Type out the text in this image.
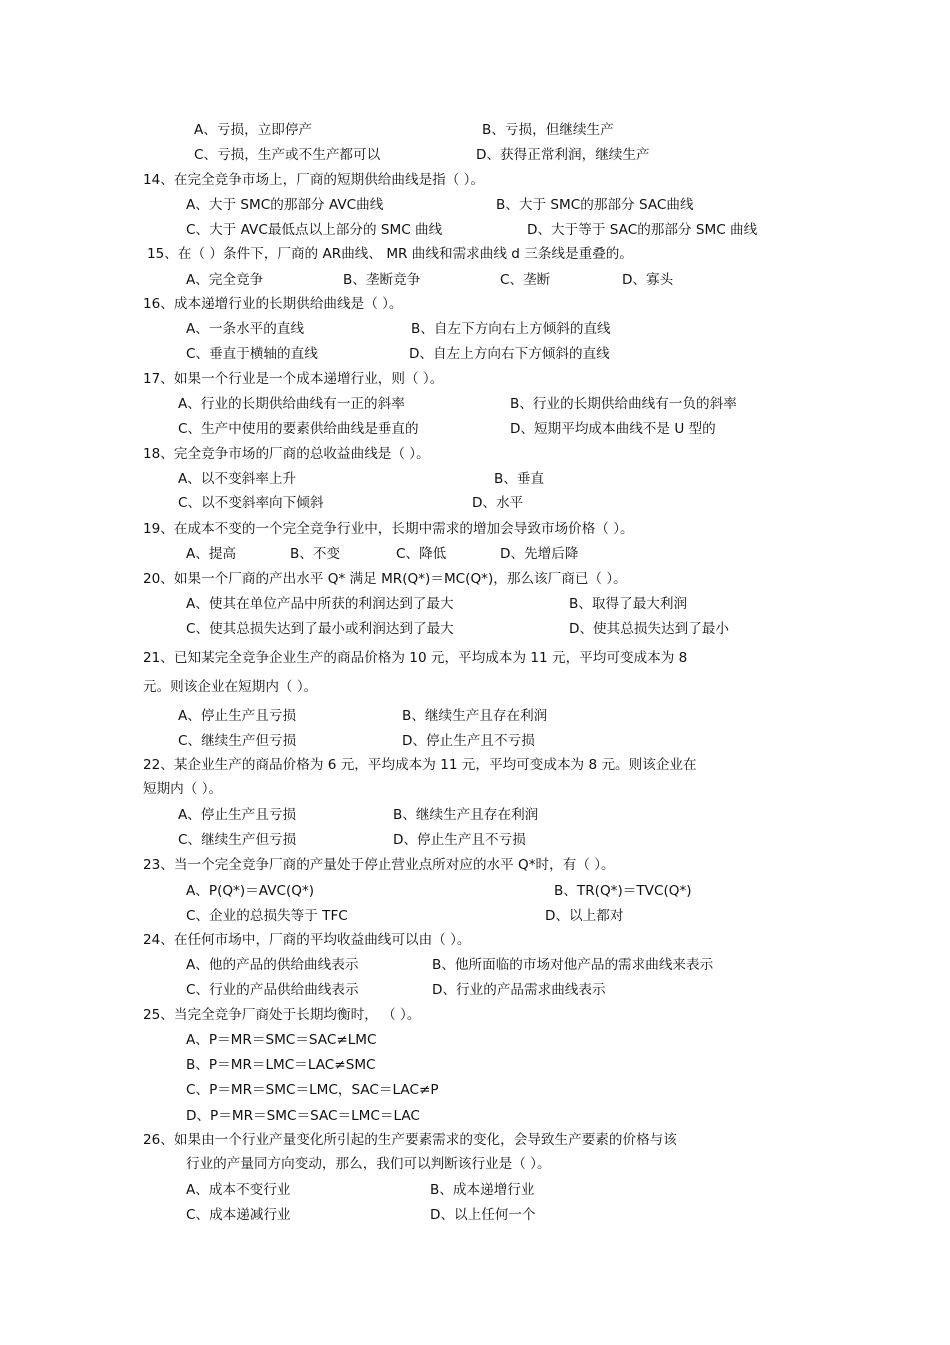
A、亏损，立即停产	B、亏损，但继续生产
C、亏损，生产或不生产都可以	D、获得正常利润，继续生产
14、在完全竞争市场上，厂商的短期供给曲线是指（ ）。
A、大于 SMC的那部分 AVC曲线	B、大于 SMC的那部分 SAC曲线
C、大于 AVC最低点以上部分的 SMC 曲线	D、大于等于 SAC的那部分 SMC 曲线
15、在（ ）条件下，厂商的 AR曲线、 MR 曲线和需求曲线 d 三条线是重叠的。
A、完全竞争	B、垄断竞争	C、垄断	D、寡头
16、成本递增行业的长期供给曲线是（ ）。
A、一条水平的直线	B、自左下方向右上方倾斜的直线
C、垂直于横轴的直线	D、自左上方向右下方倾斜的直线
17、如果一个行业是一个成本递增行业，则（ ）。
A、行业的长期供给曲线有一正的斜率	B、行业的长期供给曲线有一负的斜率
C、生产中使用的要素供给曲线是垂直的	D、短期平均成本曲线不是 U 型的
18、完全竞争市场的厂商的总收益曲线是（ ）。
A、以不变斜率上升	B、垂直
C、以不变斜率向下倾斜	D、水平
19、在成本不变的一个完全竞争行业中，长期中需求的增加会导致市场价格（ ）。
A、提高	B、不变	C、降低	D、先增后降
20、如果一个厂商的产出水平 Q* 满足 MR(Q*)＝MC(Q*)，那么该厂商已（ ）。
A、使其在单位产品中所获的利润达到了最大	B、取得了最大利润
C、使其总损失达到了最小或利润达到了最大	D、使其总损失达到了最小
21、已知某完全竞争企业生产的商品价格为 10 元，平均成本为 11 元，平均可变成本为 8
元。则该企业在短期内（ ）。
A、停止生产且亏损	B、继续生产且存在利润
C、继续生产但亏损	D、停止生产且不亏损
22、某企业生产的商品价格为 6 元，平均成本为 11 元，平均可变成本为 8 元。则该企业在
短期内（ ）。
A、停止生产且亏损	B、继续生产且存在利润
C、继续生产但亏损	D、停止生产且不亏损
23、当一个完全竞争厂商的产量处于停止营业点所对应的水平 Q*时，有（ ）。
A、P(Q*)＝AVC(Q*)	B、TR(Q*)＝TVC(Q*)
C、企业的总损失等于 TFC	D、以上都对
24、在任何市场中，厂商的平均收益曲线可以由（ ）。
A、他的产品的供给曲线表示	B、他所面临的市场对他产品的需求曲线来表示
C、行业的产品供给曲线表示	D、行业的产品需求曲线表示
25、当完全竞争厂商处于长期均衡时， （ ）。
A、P＝MR＝SMC＝SAC≠LMC
B、P＝MR＝LMC＝LAC≠SMC
C、P＝MR＝SMC＝LMC，SAC＝LAC≠P
D、P＝MR＝SMC＝SAC＝LMC＝LAC
26、如果由一个行业产量变化所引起的生产要素需求的变化，会导致生产要素的价格与该
行业的产量同方向变动，那么，我们可以判断该行业是（ ）。
A、成本不变行业	B、成本递增行业
C、成本递减行业	D、以上任何一个
